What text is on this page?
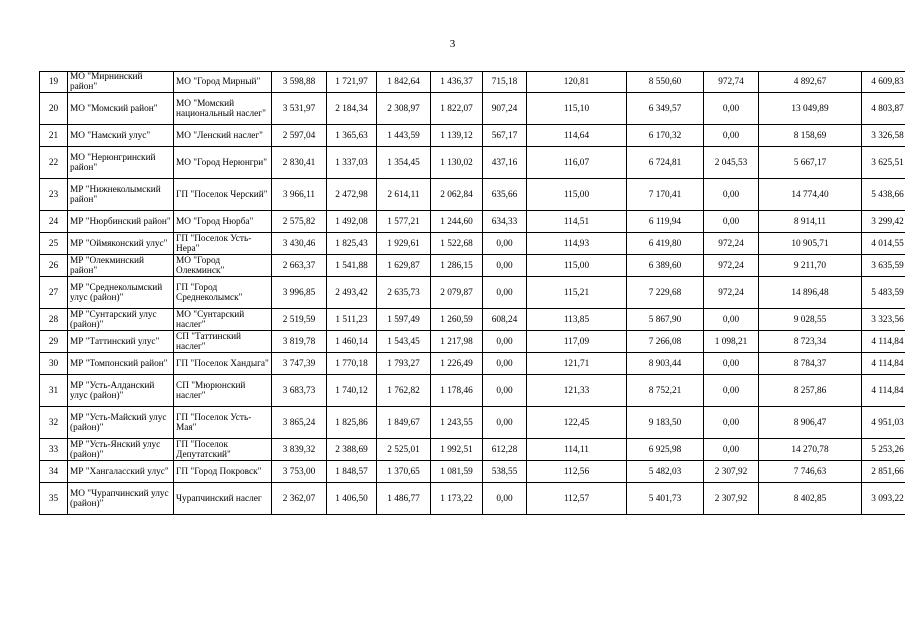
3
19	МО "Мирнинский район"	МО "Город Мирный"	3 598,88	1 721,97	1 842,64	1 436,37	715,18	120,81	8 550,60	972,74	4 892,67	4 609,83
20	МО "Момский район"	МО "Момский национальный наслег"	3 531,97	2 184,34	2 308,97	1 822,07	907,24	115,10	6 349,57	0,00	13 049,89	4 803,87
21	МО "Намский улус"	МО "Ленский наслег"	2 597,04	1 365,63	1 443,59	1 139,12	567,17	114,64	6 170,32	0,00	8 158,69	3 326,58
22	МО "Нерюнгринский район"	МО "Город Нерюнгри"	2 830,41	1 337,03	1 354,45	1 130,02	437,16	116,07	6 724,81	2 045,53	5 667,17	3 625,51
23	МР "Нижнеколымский район"	ГП "Поселок Черский"	3 966,11	2 472,98	2 614,11	2 062,84	635,66	115,00	7 170,41	0,00	14 774,40	5 438,66
24	МР "Нюрбинский район"	МО "Город Нюрба"	2 575,82	1 492,08	1 577,21	1 244,60	634,33	114,51	6 119,94	0,00	8 914,11	3 299,42
25	МР "Оймяконский улус"	ГП "Поселок Усть-Нера"	3 430,46	1 825,43	1 929,61	1 522,68	0,00	114,93	6 419,80	972,24	10 905,71	4 014,55
26	МР "Олекминский район"	МО "Город Олекминск"	2 663,37	1 541,88	1 629,87	1 286,15	0,00	115,00	6 389,60	972,24	9 211,70	3 635,59
27	МР "Среднеколымский улус (район)"	ГП "Город Среднеколымск"	3 996,85	2 493,42	2 635,73	2 079,87	0,00	115,21	7 229,68	972,24	14 896,48	5 483,59
28	МР "Сунтарский улус (район)"	МО "Сунтарский наслег"	2 519,59	1 511,23	1 597,49	1 260,59	608,24	113,85	5 867,90	0,00	9 028,55	3 323,56
29	МР "Таттинский улус"	СП "Таттинский наслег"	3 819,78	1 460,14	1 543,45	1 217,98	0,00	117,09	7 266,08	1 098,21	8 723,34	4 114,84
30	МР "Томпонский район"	ГП "Поселок Хандыга"	3 747,39	1 770,18	1 793,27	1 226,49	0,00	121,71	8 903,44	0,00	8 784,37	4 114,84
31	МР "Усть-Алданский улус (район)"	СП "Мюрюнский наслег"	3 683,73	1 740,12	1 762,82	1 178,46	0,00	121,33	8 752,21	0,00	8 257,86	4 114,84
32	МР "Усть-Майский улус (район)"	ГП "Поселок Усть-Мая"	3 865,24	1 825,86	1 849,67	1 243,55	0,00	122,45	9 183,50	0,00	8 906,47	4 951,03
33	МР "Усть-Янский улус (район)"	ГП "Поселок Депутатский"	3 839,32	2 388,69	2 525,01	1 992,51	612,28	114,11	6 925,98	0,00	14 270,78	5 253,26
34	МР "Хангаласский улус"	ГП "Город Покровск"	3 753,00	1 848,57	1 370,65	1 081,59	538,55	112,56	5 482,03	2 307,92	7 746,63	2 851,66
35	МО "Чурапчинский улус (район)"	Чурапчинский наслег	2 362,07	1 406,50	1 486,77	1 173,22	0,00	112,57	5 401,73	2 307,92	8 402,85	3 093,22
